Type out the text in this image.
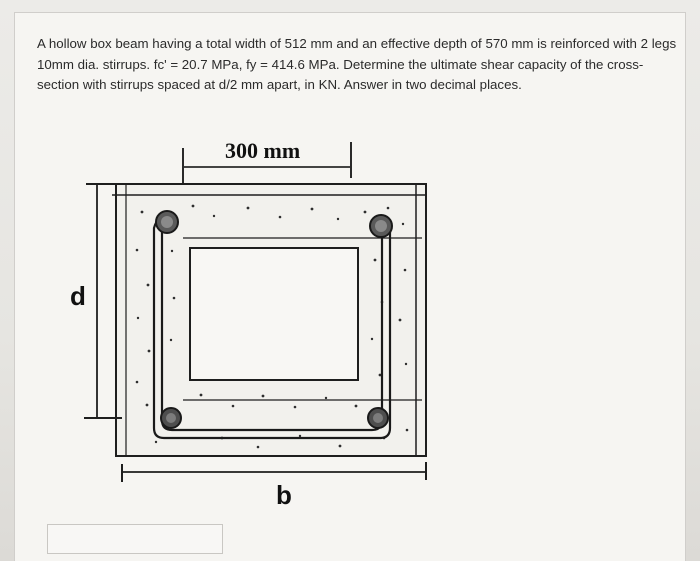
A hollow box beam having a total width of 512 mm and an effective depth of 570 mm is reinforced with 2 legs 10mm dia. stirrups. fc' = 20.7 MPa, fy = 414.6 MPa. Determine the ultimate shear capacity of the cross-section with stirrups spaced at d/2 mm apart, in KN. Answer in two decimal places.

300 mm
d
b
